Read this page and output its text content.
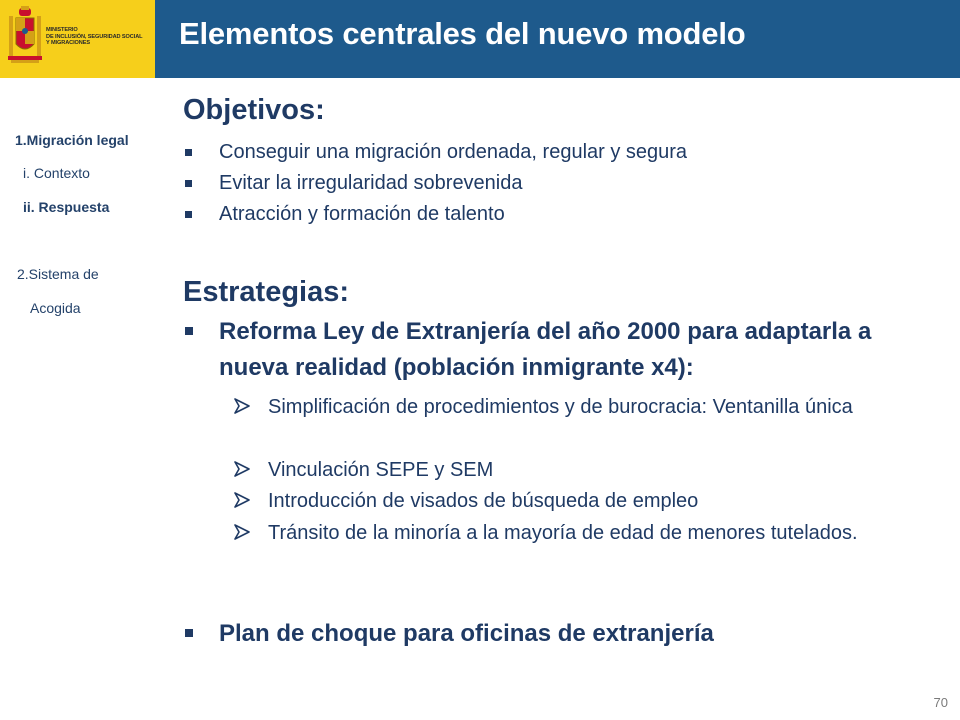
MINISTERIO
DE INCLUSIÓN, SEGURIDAD SOCIAL
Y MIGRACIONES	Elementos centrales del nuevo modelo
1.Migración legal
i. Contexto
ii. Respuesta
2.Sistema de
Acogida
Objetivos:
Conseguir una migración ordenada, regular y segura
Evitar la irregularidad sobrevenida
Atracción y formación de talento
Estrategias:
Reforma Ley de Extranjería del año 2000 para adaptarla a nueva realidad (población inmigrante x4):
Simplificación de procedimientos y de burocracia: Ventanilla única
Vinculación SEPE y SEM
Introducción de visados de búsqueda de empleo
Tránsito de la minoría a la mayoría de edad de menores tutelados.
Plan de choque para oficinas de extranjería
70
